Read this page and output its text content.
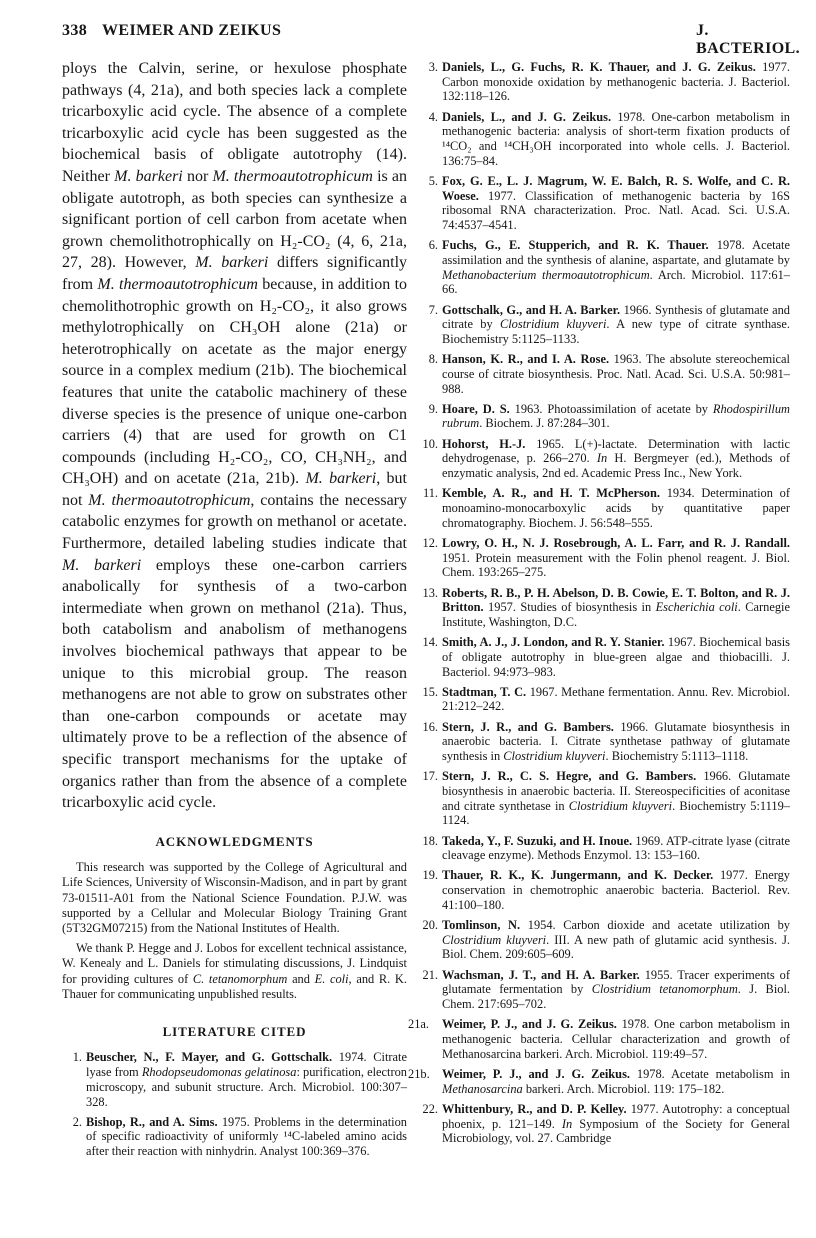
338 WEIMER AND ZEIKUS	J. BACTERIOL.

ploys the Calvin, serine, or hexulose phosphate pathways (4, 21a), and both species lack a complete tricarboxylic acid cycle. The absence of a complete tricarboxylic acid cycle has been suggested as the biochemical basis of obligate autotrophy (14). Neither M. barkeri nor M. thermoautotrophicum is an obligate autotroph, as both species can synthesize a significant portion of cell carbon from acetate when grown chemolithotrophically on H₂-CO₂ (4, 6, 21a, 27, 28). However, M. barkeri differs significantly from M. thermoautotrophicum because, in addition to chemolithotrophic growth on H₂-CO₂, it also grows methylotrophically on CH₃OH alone (21a) or heterotrophically on acetate as the major energy source in a complex medium (21b). The biochemical features that unite the catabolic machinery of these diverse species is the presence of unique one-carbon carriers (4) that are used for growth on C1 compounds (including H₂-CO₂, CO, CH₃NH₂, and CH₃OH) and on acetate (21a, 21b). M. barkeri, but not M. thermoautotrophicum, contains the necessary catabolic enzymes for growth on methanol or acetate. Furthermore, detailed labeling studies indicate that M. barkeri employs these one-carbon carriers anabolically for synthesis of a two-carbon intermediate when grown on methanol (21a). Thus, both catabolism and anabolism of methanogens involves biochemical pathways that appear to be unique to this microbial group. The reason methanogens are not able to grow on substrates other than one-carbon compounds or acetate may ultimately prove to be a reflection of the absence of specific transport mechanisms for the uptake of organics rather than from the absence of a complete tricarboxylic acid cycle.

ACKNOWLEDGMENTS

This research was supported by the College of Agricultural and Life Sciences, University of Wisconsin-Madison, and in part by grant 73-01511-A01 from the National Science Foundation. P.J.W. was supported by a Cellular and Molecular Biology Training Grant (5T32GM07215) from the National Institutes of Health.

We thank P. Hegge and J. Lobos for excellent technical assistance, W. Kenealy and L. Daniels for stimulating discussions, J. Lindquist for providing cultures of C. tetanomorphum and E. coli, and R. K. Thauer for communicating unpublished results.

LITERATURE CITED
1. Beuscher, N., F. Mayer, and G. Gottschalk. 1974. Citrate lyase from Rhodopseudomonas gelatinosa: purification, electron microscopy, and subunit structure. Arch. Microbiol. 100:307–328.
2. Bishop, R., and A. Sims. 1975. Problems in the determination of specific radioactivity of uniformly ¹⁴C-labeled amino acids after their reaction with ninhydrin. Analyst 100:369–376.
3. Daniels, L., G. Fuchs, R. K. Thauer, and J. G. Zeikus. 1977. Carbon monoxide oxidation by methanogenic bacteria. J. Bacteriol. 132:118–126.
4. Daniels, L., and J. G. Zeikus. 1978. One-carbon metabolism in methanogenic bacteria: analysis of short-term fixation products of ¹⁴CO₂ and ¹⁴CH₃OH incorporated into whole cells. J. Bacteriol. 136:75–84.
5. Fox, G. E., L. J. Magrum, W. E. Balch, R. S. Wolfe, and C. R. Woese. 1977. Classification of methanogenic bacteria by 16S ribosomal RNA characterization. Proc. Natl. Acad. Sci. U.S.A. 74:4537–4541.
6. Fuchs, G., E. Stupperich, and R. K. Thauer. 1978. Acetate assimilation and the synthesis of alanine, aspartate, and glutamate by Methanobacterium thermoautotrophicum. Arch. Microbiol. 117:61–66.
7. Gottschalk, G., and H. A. Barker. 1966. Synthesis of glutamate and citrate by Clostridium kluyveri. A new type of citrate synthase. Biochemistry 5:1125–1133.
8. Hanson, K. R., and I. A. Rose. 1963. The absolute stereochemical course of citrate biosynthesis. Proc. Natl. Acad. Sci. U.S.A. 50:981–988.
9. Hoare, D. S. 1963. Photoassimilation of acetate by Rhodospirillum rubrum. Biochem. J. 87:284–301.
10. Hohorst, H.-J. 1965. L(+)-lactate. Determination with lactic dehydrogenase, p. 266–270. In H. Bergmeyer (ed.), Methods of enzymatic analysis, 2nd ed. Academic Press Inc., New York.
11. Kemble, A. R., and H. T. McPherson. 1934. Determination of monoamino-monocarboxylic acids by quantitative paper chromatography. Biochem. J. 56:548–555.
12. Lowry, O. H., N. J. Rosebrough, A. L. Farr, and R. J. Randall. 1951. Protein measurement with the Folin phenol reagent. J. Biol. Chem. 193:265–275.
13. Roberts, R. B., P. H. Abelson, D. B. Cowie, E. T. Bolton, and R. J. Britton. 1957. Studies of biosynthesis in Escherichia coli. Carnegie Institute, Washington, D.C.
14. Smith, A. J., J. London, and R. Y. Stanier. 1967. Biochemical basis of obligate autotrophy in blue-green algae and thiobacilli. J. Bacteriol. 94:973–983.
15. Stadtman, T. C. 1967. Methane fermentation. Annu. Rev. Microbiol. 21:212–242.
16. Stern, J. R., and G. Bambers. 1966. Glutamate biosynthesis in anaerobic bacteria. I. Citrate synthetase pathway of glutamate synthesis in Clostridium kluyveri. Biochemistry 5:1113–1118.
17. Stern, J. R., C. S. Hegre, and G. Bambers. 1966. Glutamate biosynthesis in anaerobic bacteria. II. Stereospecificities of aconitase and citrate synthetase in Clostridium kluyveri. Biochemistry 5:1119–1124.
18. Takeda, Y., F. Suzuki, and H. Inoue. 1969. ATP-citrate lyase (citrate cleavage enzyme). Methods Enzymol. 13: 153–160.
19. Thauer, R. K., K. Jungermann, and K. Decker. 1977. Energy conservation in chemotrophic anaerobic bacteria. Bacteriol. Rev. 41:100–180.
20. Tomlinson, N. 1954. Carbon dioxide and acetate utilization by Clostridium kluyveri. III. A new path of glutamic acid synthesis. J. Biol. Chem. 209:605–609.
21. Wachsman, J. T., and H. A. Barker. 1955. Tracer experiments of glutamate fermentation by Clostridium tetanomorphum. J. Biol. Chem. 217:695–702.
21a.	Weimer, P. J., and J. G. Zeikus. 1978. One carbon metabolism in methanogenic bacteria. Cellular characterization and growth of Methanosarcina barkeri. Arch. Microbiol. 119:49–57.
21b. Weimer, P. J., and J. G. Zeikus. 1978. Acetate metabolism in Methanosarcina barkeri. Arch. Microbiol. 119: 175–182.
22. Whittenbury, R., and D. P. Kelley. 1977. Autotrophy: a conceptual phoenix, p. 121–149. In Symposium of the Society for General Microbiology, vol. 27. Cambridge
